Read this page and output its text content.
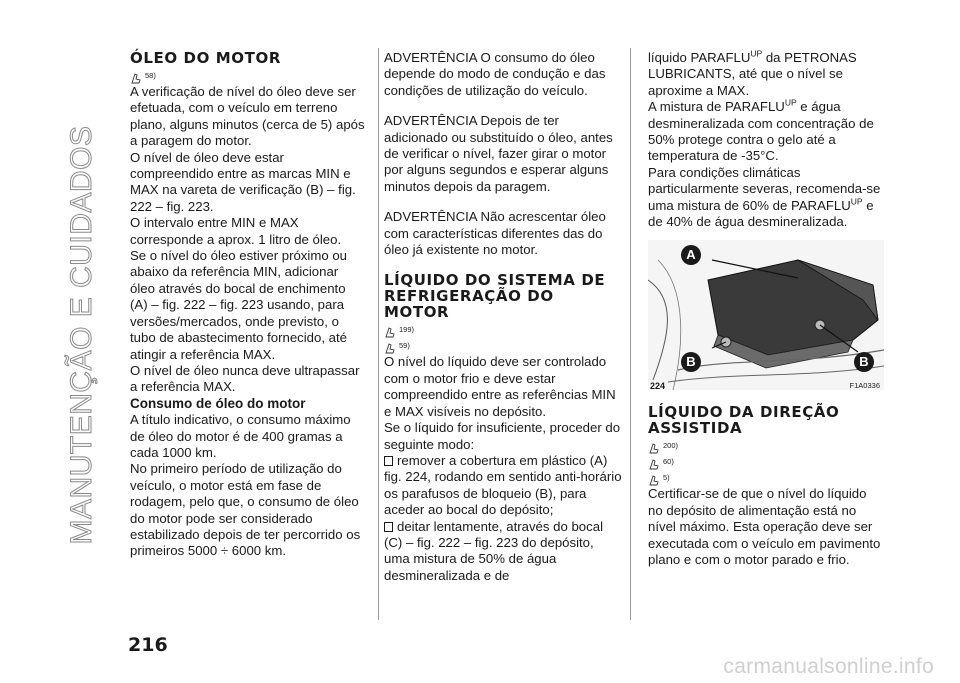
MANUTENÇÃO E CUIDADOS
ÓLEO DO MOTOR
58)

A verificação de nível do óleo deve ser efetuada, com o veículo em terreno plano, alguns minutos (cerca de 5) após a paragem do motor.

O nível de óleo deve estar compreendido entre as marcas MIN e MAX na vareta de verificação (B) – fig. 222 – fig. 223.

O intervalo entre MIN e MAX corresponde a aprox. 1 litro de óleo.

Se o nível do óleo estiver próximo ou abaixo da referência MIN, adicionar óleo através do bocal de enchimento (A) – fig. 222 – fig. 223 usando, para versões/mercados, onde previsto, o tubo de abastecimento fornecido, até atingir a referência MAX.

O nível de óleo nunca deve ultrapassar a referência MAX.

Consumo de óleo do motor

A título indicativo, o consumo máximo de óleo do motor é de 400 gramas a cada 1000 km.

No primeiro período de utilização do veículo, o motor está em fase de rodagem, pelo que, o consumo de óleo do motor pode ser considerado estabilizado depois de ter percorrido os primeiros 5000 ÷ 6000 km.

ADVERTÊNCIA O consumo do óleo depende do modo de condução e das condições de utilização do veículo.

ADVERTÊNCIA Depois de ter adicionado ou substituído o óleo, antes de verificar o nível, fazer girar o motor por alguns segundos e esperar alguns minutos depois da paragem.

ADVERTÊNCIA Não acrescentar óleo com características diferentes das do óleo já existente no motor.

LÍQUIDO DO SISTEMA DE REFRIGERAÇÃO DO MOTOR
199)
59)

O nível do líquido deve ser controlado com o motor frio e deve estar compreendido entre as referências MIN e MAX visíveis no depósito.

Se o líquido for insuficiente, proceder do seguinte modo:

remover a cobertura em plástico (A) fig. 224, rodando em sentido anti-horário os parafusos de bloqueio (B), para aceder ao bocal do depósito;

deitar lentamente, através do bocal (C) – fig. 222 – fig. 223 do depósito, uma mistura de 50% de água desmineralizada e de

líquido $PARAFLU^{UP}$ da PETRONAS LUBRICANTS, até que o nível se aproxime a MAX.

A mistura de $PARAFLU^{UP}$ e água desmineralizada com concentração de 50% protege contra o gelo até a temperatura de -35°C.

Para condições climáticas particularmente severas, recomenda-se uma mistura de 60% de $PARAFLU^{UP}$ e de 40% de água desmineralizada.

A
B	B
224	F1A0336
LÍQUIDO DA DIREÇÃO ASSISTIDA
200)
60)
5)

Certificar-se de que o nível do líquido no depósito de alimentação está no nível máximo. Esta operação deve ser executada com o veículo em pavimento plano e com o motor parado e frio.

216
carmanualsonline.info
